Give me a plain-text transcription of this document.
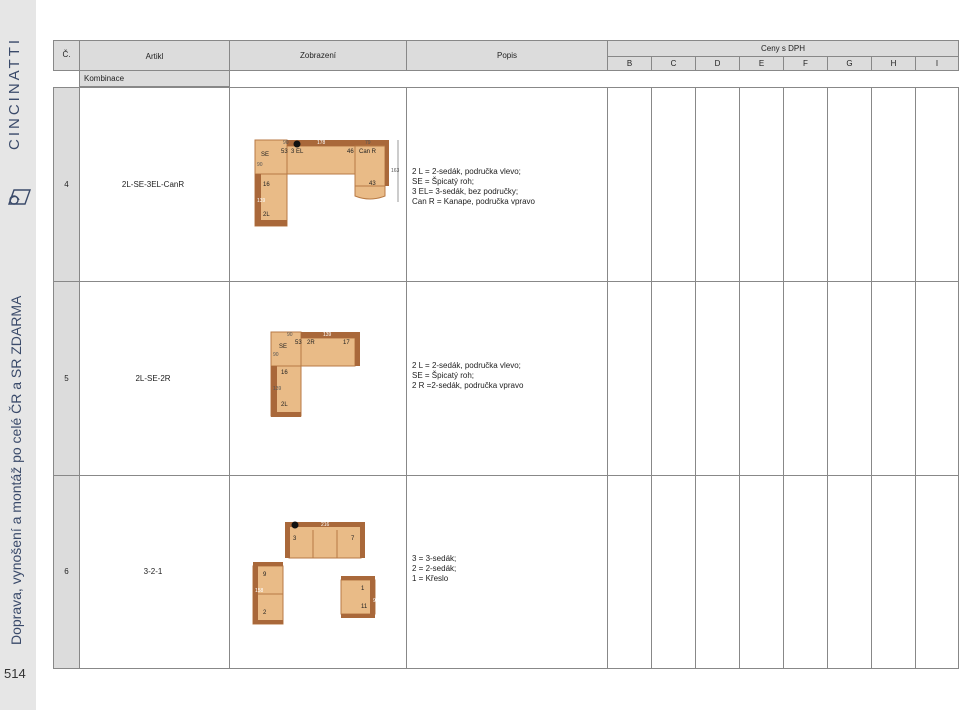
CINCINATTI
Doprava, vynošení a montáž po celé ČR a SR ZDARMA
514
Č.	Artikl
Kombinace
Zobrazení	Popis
Ceny s DPH
B	C	D	E	F	G	H	I
4	2L-SE-3EL-CanR
2 L = 2-sedák, područka vlevo;
SE = Špicatý roh;
3 EL= 3-sedák, bez područky;
Can R = Kanape, područka vpravo
5	2L-SE-2R
2 L = 2-sedák, područka vlevo;
SE = Špicatý roh;
2 R =2-sedák, područka vpravo
6	3-2-1
3 = 3-sedák;
2 = 2-sedák;
1 = Křeslo
SE 53 3 EL	46 Can R
43
16
2L
90	178	79
90
163
139
SE
53 2R	17
16
2L
90	139
90
139
3	7
9
2
1
11
216
158
98
